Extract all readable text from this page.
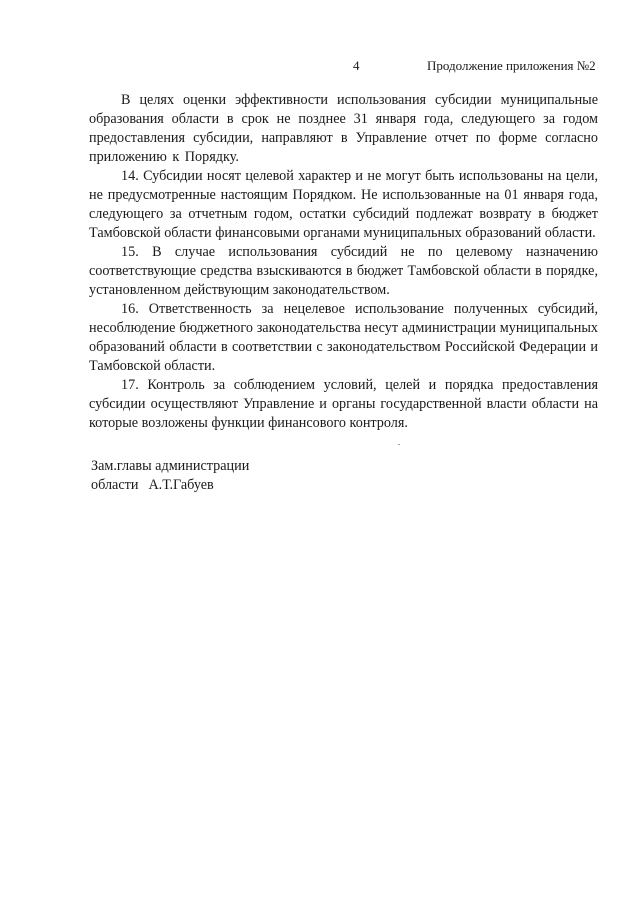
4	Продолжение приложения №2

В целях оценки эффективности использования субсидии муниципальные образования области в срок не позднее 31 января года, следующего за годом предоставления субсидии, направляют в Управление отчет по форме согласно приложению к Порядку.

14. Субсидии носят целевой характер и не могут быть использованы на цели, не предусмотренные настоящим Порядком. Не использованные на 01 января года, следующего за отчетным годом, остатки субсидий подлежат возврату в бюджет Тамбовской области финансовыми органами муниципальных образований области.

15. В случае использования субсидий не по целевому назначению соответствующие средства взыскиваются в бюджет Тамбовской области в порядке, установленном действующим законодательством.

16. Ответственность за нецелевое использование полученных субсидий, несоблюдение бюджетного законодательства несут администрации муниципальных образований области в соответствии с законодательством Российской Федерации и Тамбовской области.

17. Контроль за соблюдением условий, целей и порядка предоставления субсидии осуществляют Управление и органы государственной власти области на которые возложены функции финансового контроля.

Зам.главы администрации
области А.Т.Габуев
